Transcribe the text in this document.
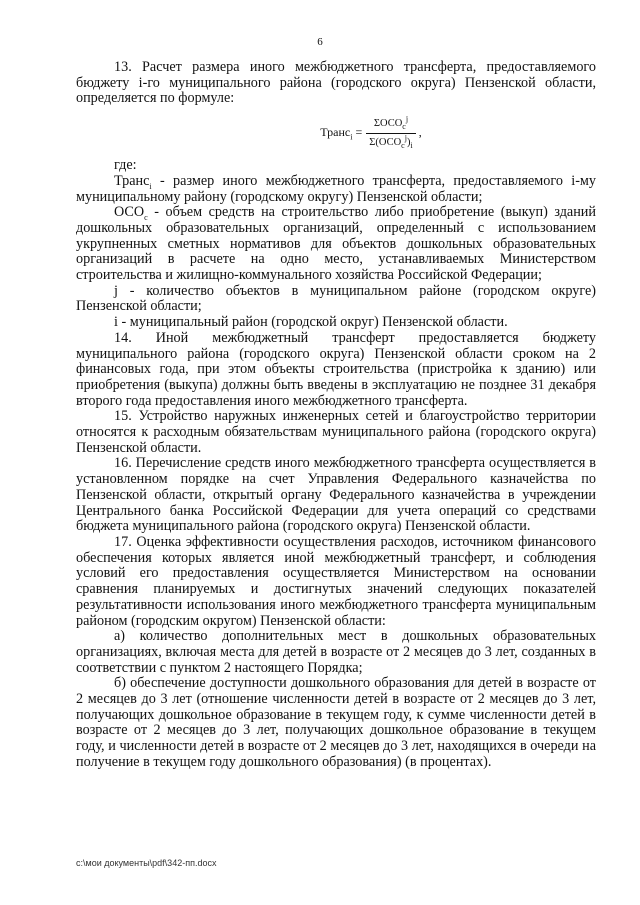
6

13. Расчет размера иного межбюджетного трансферта, предоставляемого бюджету i-го муниципального района (городского округа) Пензенской области, определяется по формуле:

Транс$_i$ = $\frac{\Sigma ОСО_c^j}{\Sigma(ОСО_c^j)_i}$ ,

где:

Транс$_i$ - размер иного межбюджетного трансферта, предоставляемого i-му муниципальному району (городскому округу) Пензенской области;

$ОСО_c$ - объем средств на строительство либо приобретение (выкуп) зданий дошкольных образовательных организаций, определенный с использованием укрупненных сметных нормативов для объектов дошкольных образовательных организаций в расчете на одно место, устанавливаемых Министерством строительства и жилищно-коммунального хозяйства Российской Федерации;

j - количество объектов в муниципальном районе (городском округе) Пензенской области;

i - муниципальный район (городской округ) Пензенской области.

14. Иной межбюджетный трансферт предоставляется бюджету муниципального района (городского округа) Пензенской области сроком на 2 финансовых года, при этом объекты строительства (пристройка к зданию) или приобретения (выкупа) должны быть введены в эксплуатацию не позднее 31 декабря второго года предоставления иного межбюджетного трансферта.

15. Устройство наружных инженерных сетей и благоустройство территории относятся к расходным обязательствам муниципального района (городского округа) Пензенской области.

16. Перечисление средств иного межбюджетного трансферта осуществляется в установленном порядке на счет Управления Федерального казначейства по Пензенской области, открытый органу Федерального казначейства в учреждении Центрального банка Российской Федерации для учета операций со средствами бюджета муниципального района (городского округа) Пензенской области.

17. Оценка эффективности осуществления расходов, источником финансового обеспечения которых является иной межбюджетный трансферт, и соблюдения условий его предоставления осуществляется Министерством на основании сравнения планируемых и достигнутых значений следующих показателей результативности использования иного межбюджетного трансферта муниципальным районом (городским округом) Пензенской области:

а) количество дополнительных мест в дошкольных образовательных организациях, включая места для детей в возрасте от 2 месяцев до 3 лет, созданных в соответствии с пунктом 2 настоящего Порядка;

б) обеспечение доступности дошкольного образования для детей в возрасте от 2 месяцев до 3 лет (отношение численности детей в возрасте от 2 месяцев до 3 лет, получающих дошкольное образование в текущем году, к сумме численности детей в возрасте от 2 месяцев до 3 лет, получающих дошкольное образование в текущем году, и численности детей в возрасте от 2 месяцев до 3 лет, находящихся в очереди на получение в текущем году дошкольного образования) (в процентах).

c:\мои документы\pdf\342-пп.docx
